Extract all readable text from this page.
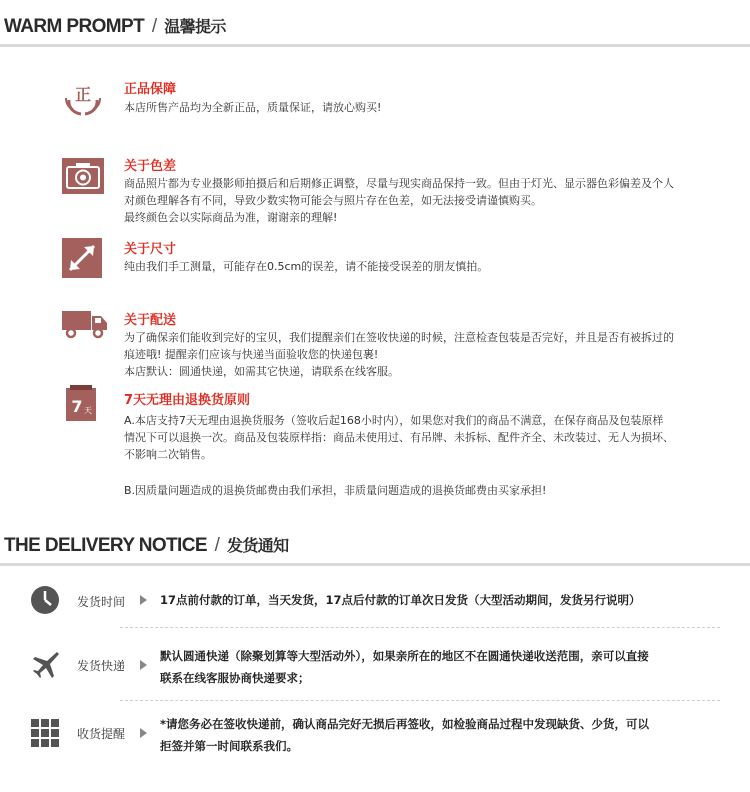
WARM PROMPT / 温馨提示
正	正品保障
本店所售产品均为全新正品，质量保证，请放心购买!
关于色差
商品照片都为专业摄影师拍摄后和后期修正调整，尽量与现实商品保持一致。但由于灯光、显示器色彩偏差及个人
对颜色理解各有不同，导致少数实物可能会与照片存在色差，如无法接受请谨慎购买。
最终颜色会以实际商品为准，谢谢亲的理解!
关于尺寸
纯由我们手工测量，可能存在0.5cm的误差，请不能接受误差的朋友慎拍。
关于配送
为了确保亲们能收到完好的宝贝，我们提醒亲们在签收快递的时候，注意检查包装是否完好，并且是否有被拆过的
痕迹哦! 提醒亲们应该与快递当面验收您的快递包裹!
本店默认：圆通快递，如需其它快递，请联系在线客服。
7 天
7天无理由退换货原则
A.本店支持7天无理由退换货服务（签收后起168小时内），如果您对我们的商品不满意，在保存商品及包装原样
情况下可以退换一次。商品及包装原样指：商品未使用过、有吊牌、未拆标、配件齐全、未改装过、无人为损坏、
不影响二次销售。
B.因质量问题造成的退换货邮费由我们承担，非质量问题造成的退换货邮费由买家承担!
THE DELIVERY NOTICE / 发货通知
发货时间	17点前付款的订单，当天发货，17点后付款的订单次日发货（大型活动期间，发货另行说明）
发货快递
默认圆通快递（除聚划算等大型活动外），如果亲所在的地区不在圆通快递收送范围，亲可以直接
联系在线客服协商快递要求；
收货提醒
*请您务必在签收快递前，确认商品完好无损后再签收，如检验商品过程中发现缺货、少货，可以
拒签并第一时间联系我们。
